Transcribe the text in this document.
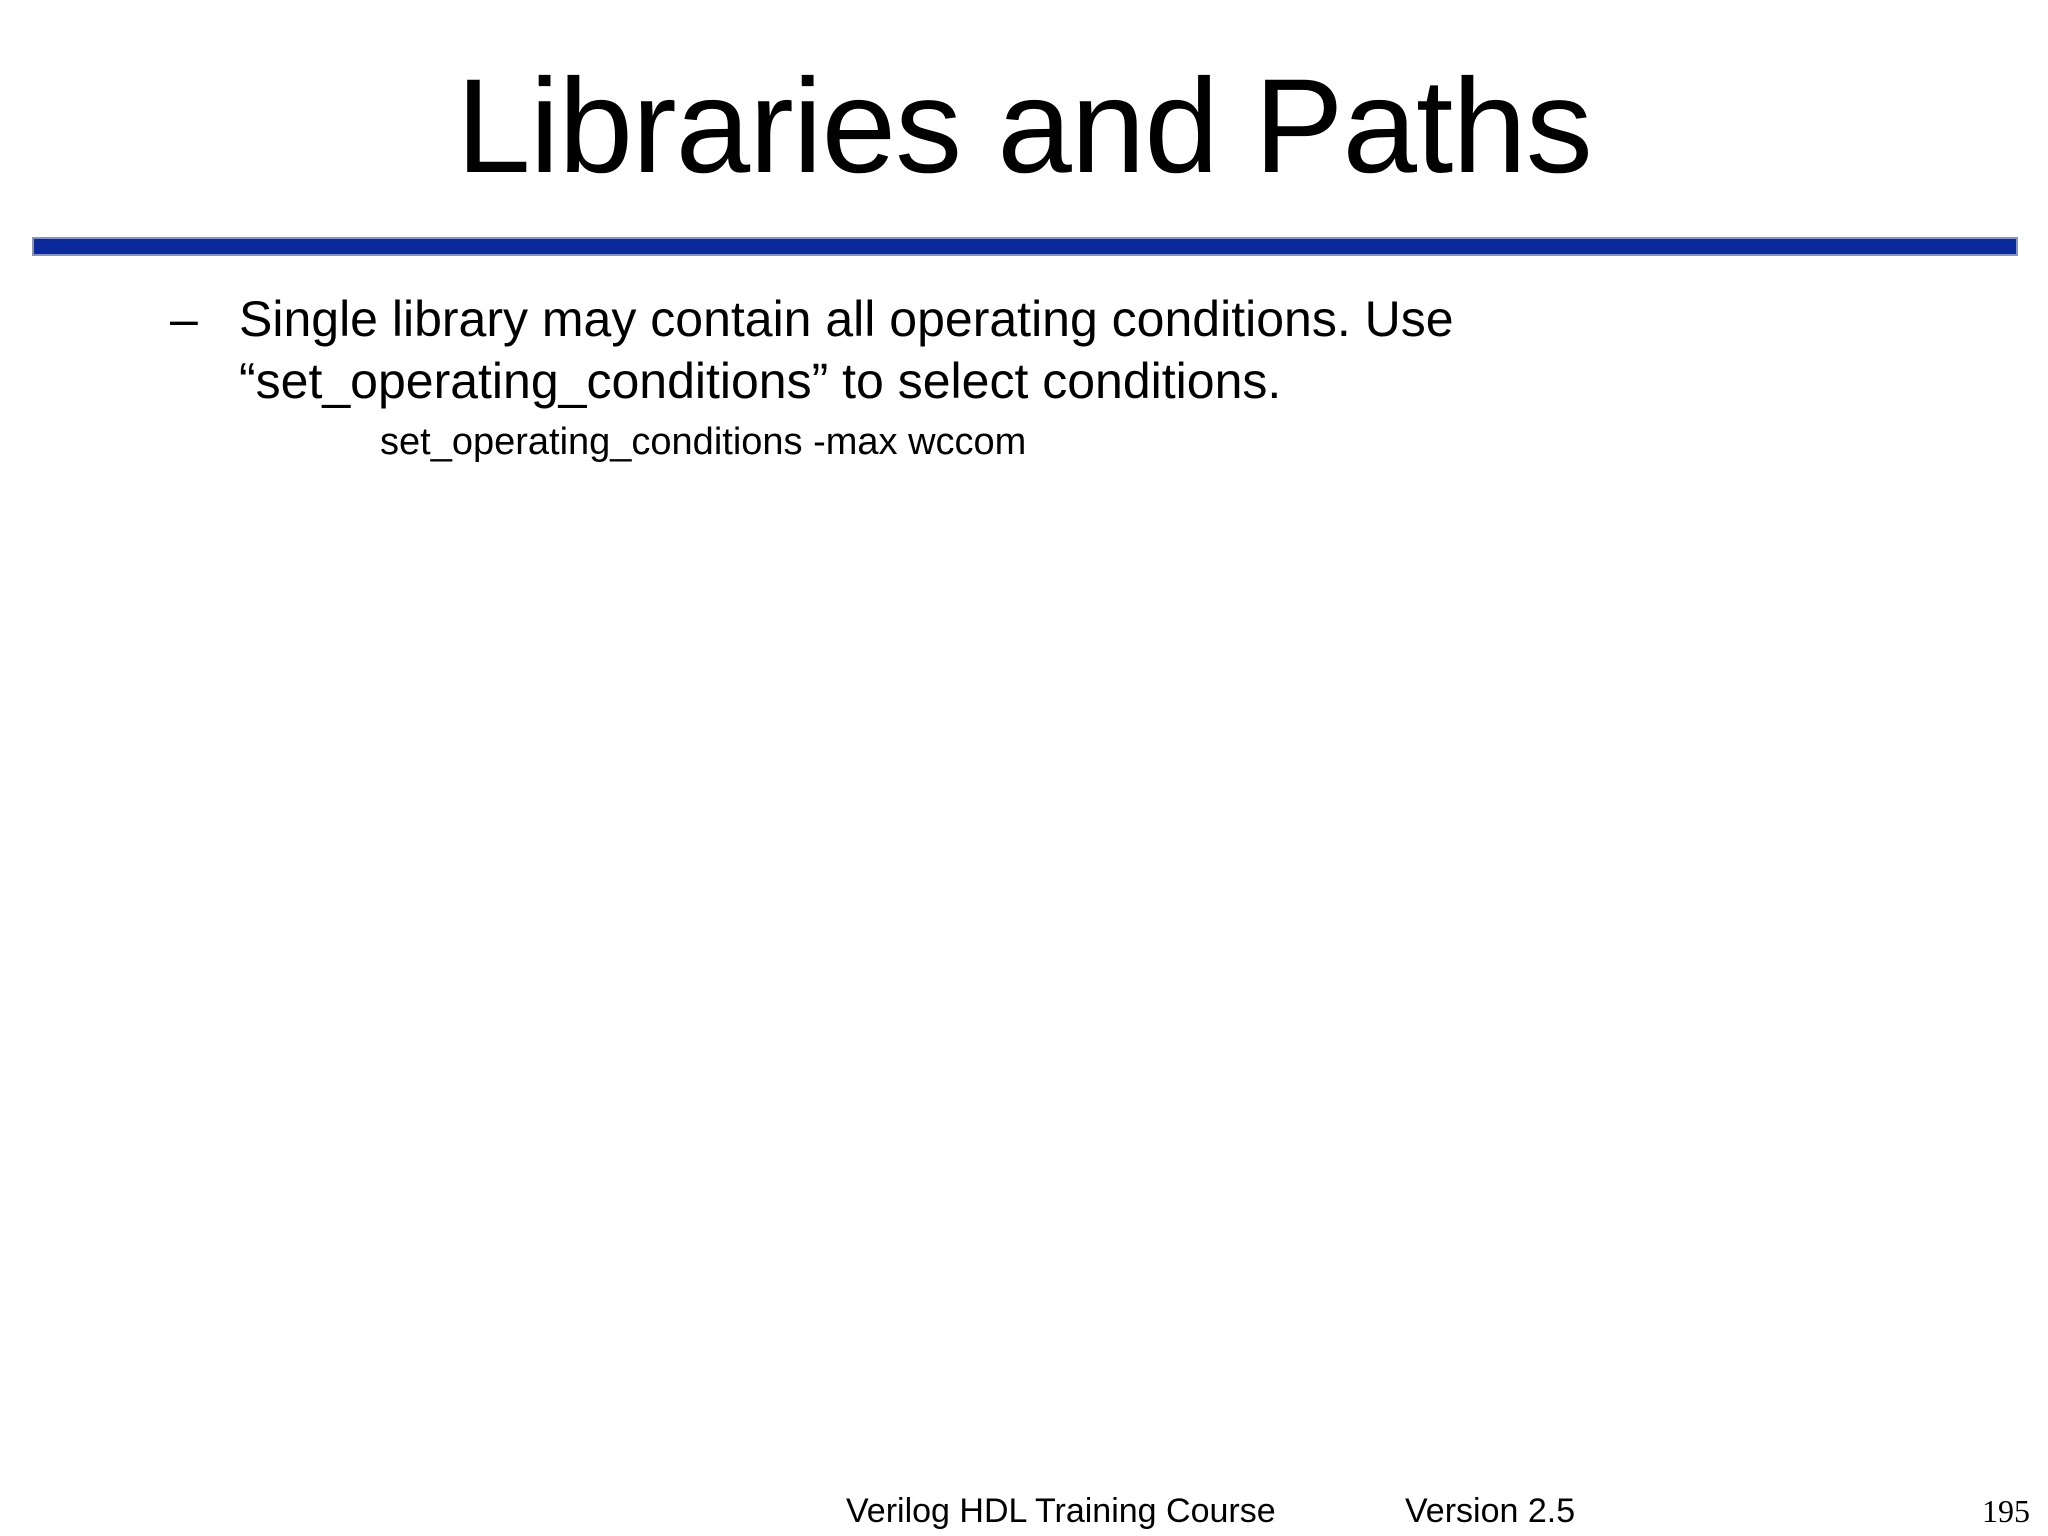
Libraries and Paths
– Single library may contain all operating conditions. Use “set_operating_conditions” to select conditions.
set_operating_conditions -max wccom
Verilog HDL Training Course	Version 2.5	195
